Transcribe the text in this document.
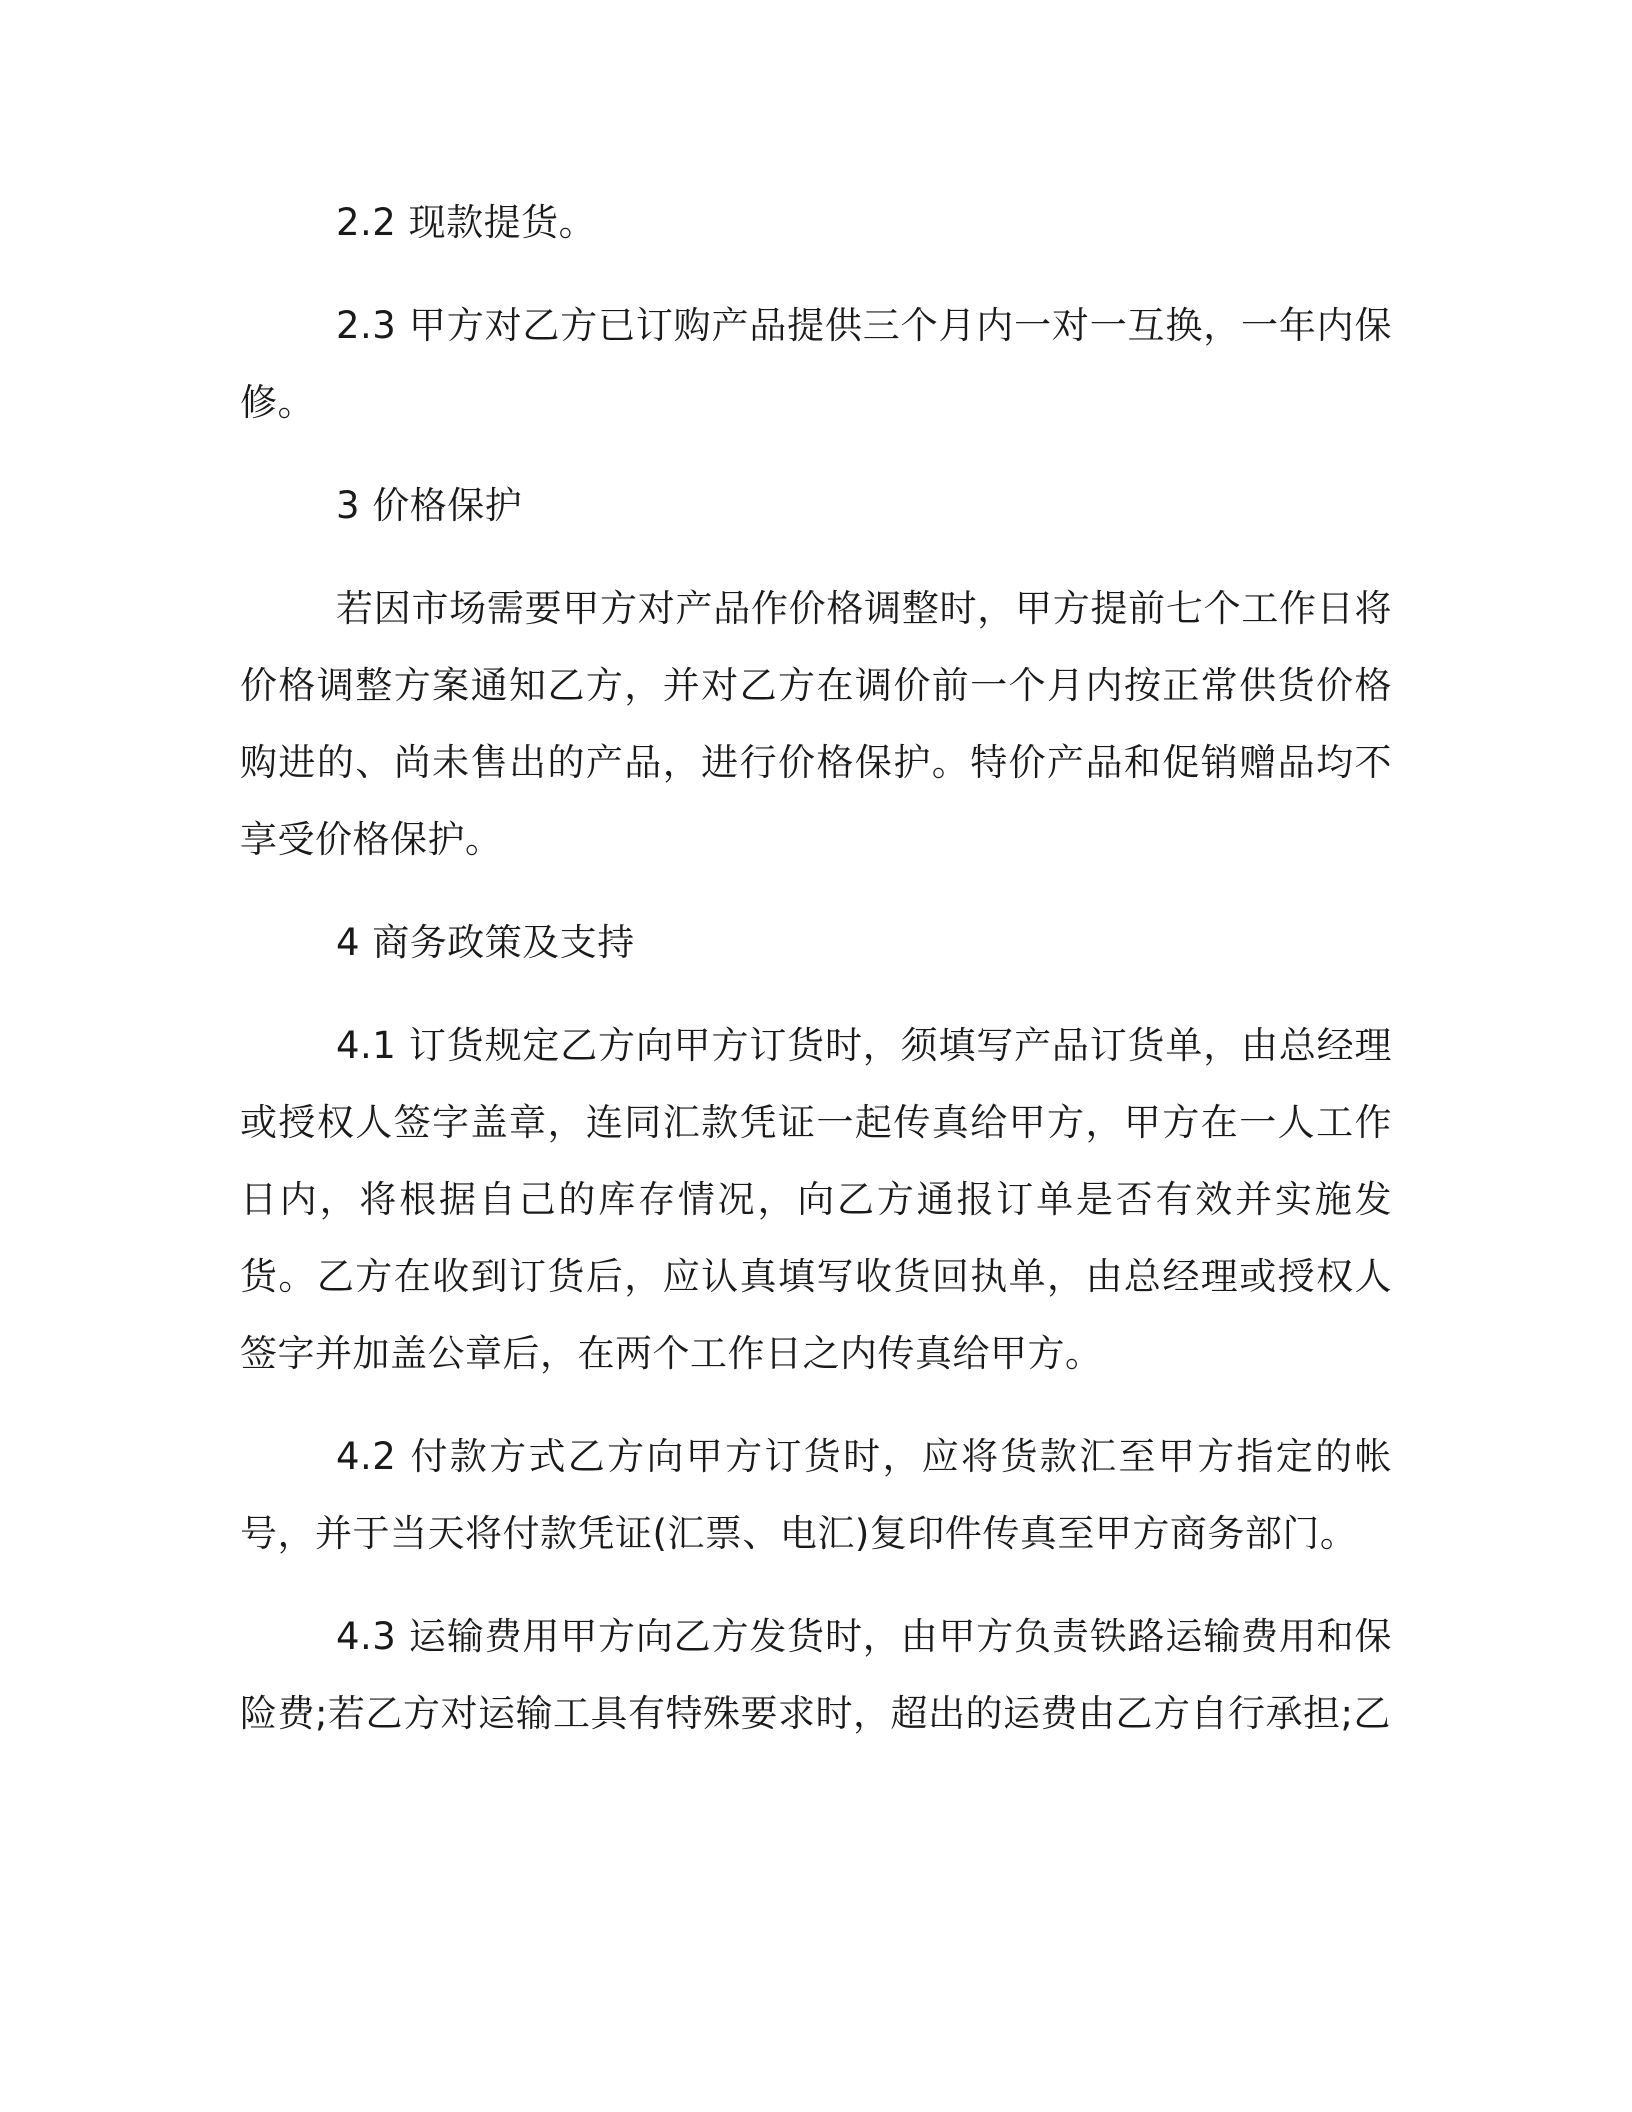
2.2 现款提货。

2.3 甲方对乙方已订购产品提供三个月内一对一互换，一年内保修。

3 价格保护

若因市场需要甲方对产品作价格调整时，甲方提前七个工作日将价格调整方案通知乙方，并对乙方在调价前一个月内按正常供货价格购进的、尚未售出的产品，进行价格保护。特价产品和促销赠品均不享受价格保护。

4 商务政策及支持

4.1 订货规定乙方向甲方订货时，须填写产品订货单，由总经理或授权人签字盖章，连同汇款凭证一起传真给甲方，甲方在一人工作日内，将根据自己的库存情况，向乙方通报订单是否有效并实施发货。乙方在收到订货后，应认真填写收货回执单，由总经理或授权人签字并加盖公章后，在两个工作日之内传真给甲方。

4.2 付款方式乙方向甲方订货时，应将货款汇至甲方指定的帐号，并于当天将付款凭证(汇票、电汇)复印件传真至甲方商务部门。

4.3 运输费用甲方向乙方发货时，由甲方负责铁路运输费用和保险费;若乙方对运输工具有特殊要求时，超出的运费由乙方自行承担;乙
